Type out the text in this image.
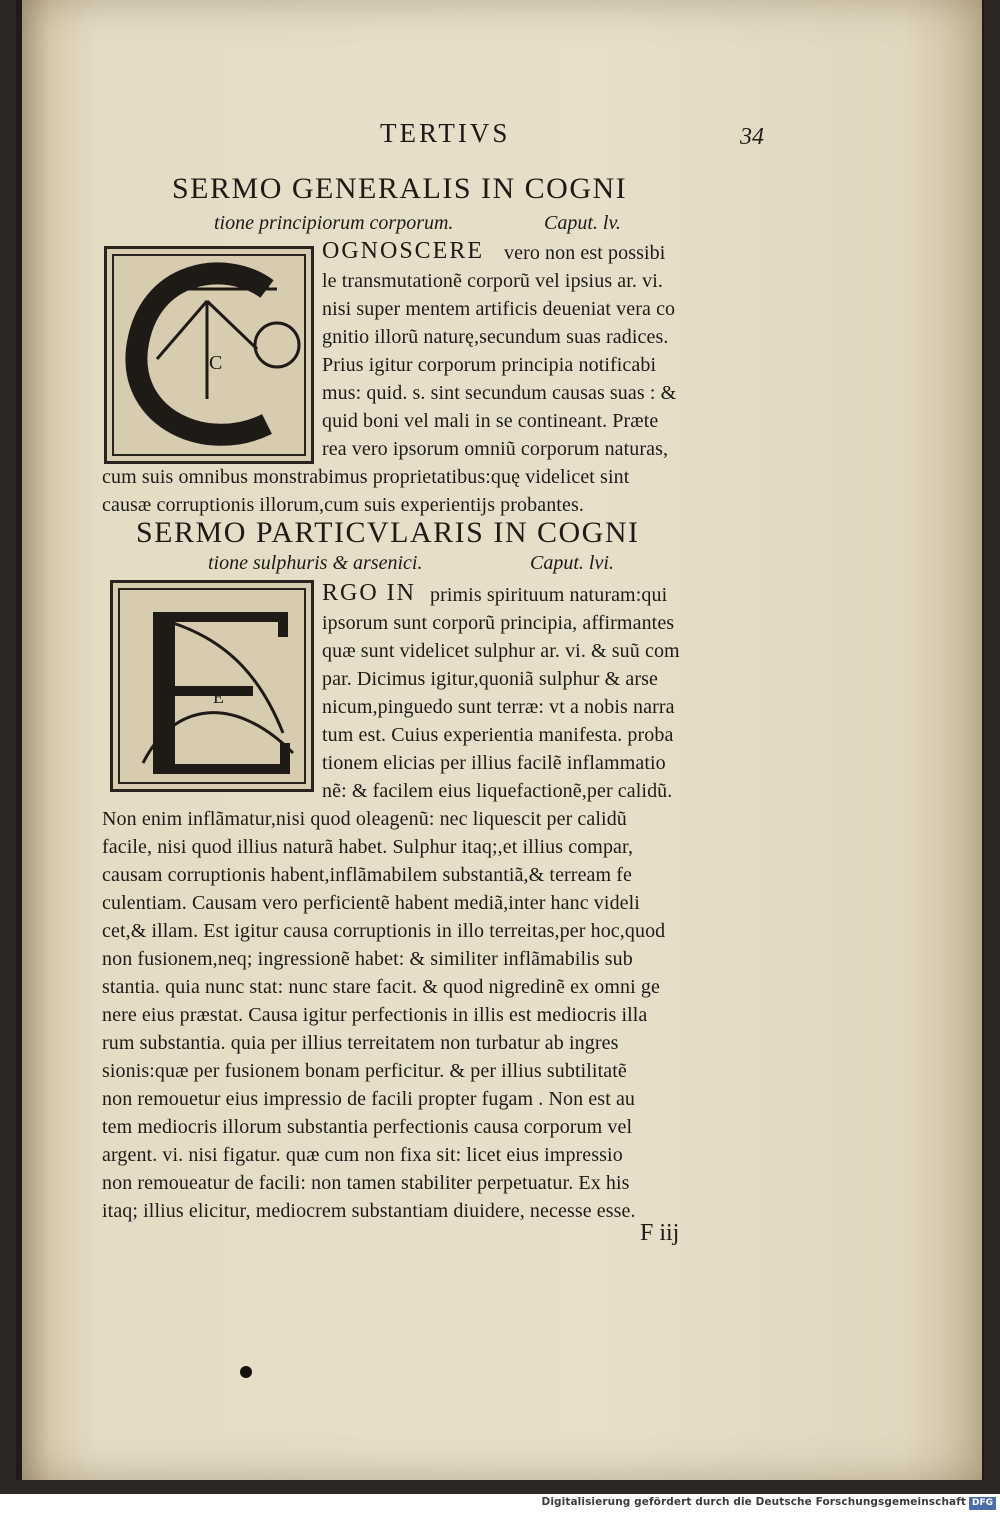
TERTIVS	34
SERMO GENERALIS IN COGNI
tione principiorum corporum.	Caput. lv.
C
OGNOSCERE vero non est possibi
le transmutationẽ corporũ vel ipsius ar. vi.
nisi super mentem artificis deueniat vera co
gnitio illorũ naturę,secundum suas radices.
Prius igitur corporum principia notificabi
mus: quid. s. sint secundum causas suas : &
quid boni vel mali in se contineant. Præte
rea vero ipsorum omniũ corporum naturas,
cum suis omnibus monstrabimus proprietatibus:quę videlicet sint
causæ corruptionis illorum,cum suis experientijs probantes.
SERMO PARTICVLARIS IN COGNI
tione sulphuris & arsenici.	Caput. lvi.
E
RGO IN primis spirituum naturam:qui
ipsorum sunt corporũ principia, affirmantes
quæ sunt videlicet sulphur ar. vi. & suũ com
par. Dicimus igitur,quoniã sulphur & arse
nicum,pinguedo sunt terræ: vt a nobis narra
tum est. Cuius experientia manifesta. proba
tionem elicias per illius facilẽ inflammatio
nẽ: & facilem eius liquefactionẽ,per calidũ.
Non enim inflãmatur,nisi quod oleagenũ: nec liquescit per calidũ
facile, nisi quod illius naturã habet. Sulphur itaq;,et illius compar,
causam corruptionis habent,inflãmabilem substantiã,& terream fe
culentiam. Causam vero perficientẽ habent mediã,inter hanc videli
cet,& illam. Est igitur causa corruptionis in illo terreitas,per hoc,quod
non fusionem,neq; ingressionẽ habet: & similiter inflãmabilis sub
stantia. quia nunc stat: nunc stare facit. & quod nigredinẽ ex omni ge
nere eius præstat. Causa igitur perfectionis in illis est mediocris illa
rum substantia. quia per illius terreitatem non turbatur ab ingres
sionis:quæ per fusionem bonam perficitur. & per illius subtilitatẽ
non remouetur eius impressio de facili propter fugam . Non est au
tem mediocris illorum substantia perfectionis causa corporum vel
argent. vi. nisi figatur. quæ cum non fixa sit: licet eius impressio
non remoueatur de facili: non tamen stabiliter perpetuatur. Ex his
itaq; illius elicitur, mediocrem substantiam diuidere, necesse esse.
F iij
Digitalisierung gefördert durch die Deutsche Forschungsgemeinschaft DFG
